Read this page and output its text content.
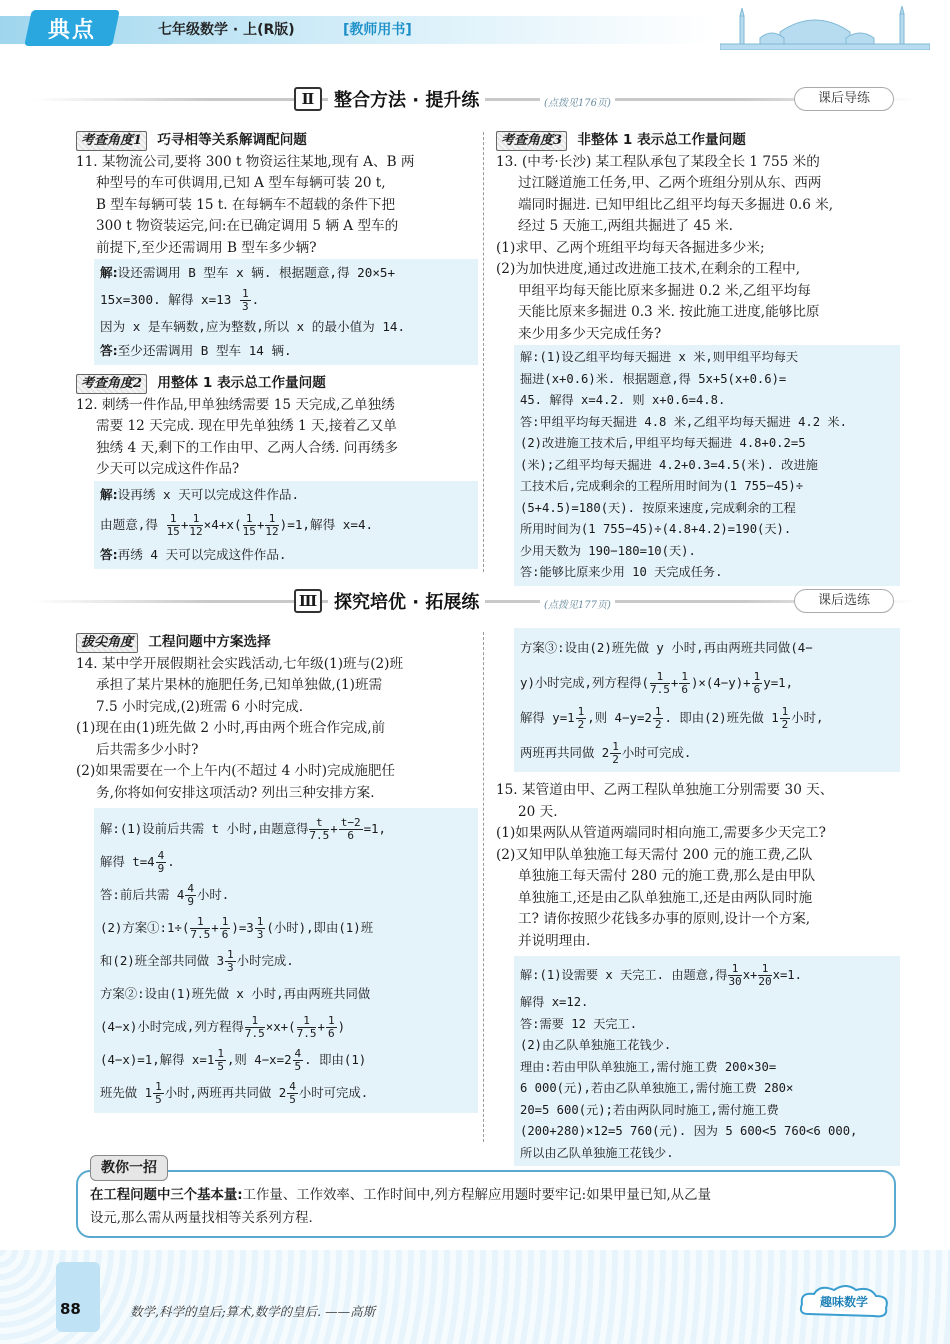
典点	七年级数学 · 上(R版)	[教师用书]
Ⅱ	整合方法 · 提升练	(点拨见176页)	课后导练
考查角度1 巧寻相等关系解调配问题
11. 某物流公司,要将 300 t 物资运往某地,现有 A、B 两
种型号的车可供调用,已知 A 型车每辆可装 20 t,
B 型车每辆可装 15 t. 在每辆车不超载的条件下把
300 t 物资装运完,问:在已确定调用 5 辆 A 型车的
前提下,至少还需调用 B 型车多少辆?
解:设还需调用 B 型车 x 辆. 根据题意,得 20×5+
15x=300. 解得 $x=13 \frac{1}{3}$ .
因为 x 是车辆数,应为整数,所以 x 的最小值为 14.
答:至少还需调用 B 型车 14 辆.
考查角度2 用整体 1 表示总工作量问题
12. 刺绣一件作品,甲单独绣需要 15 天完成,乙单独绣
需要 12 天完成. 现在甲先单独绣 1 天,接着乙又单
独绣 4 天,剩下的工作由甲、乙两人合绣. 问再绣多
少天可以完成这件作品?
解:设再绣 x 天可以完成这件作品.
由题意,得 $\frac{1}{15} + \frac{1}{12} \times 4+x( \frac{1}{15} + \frac{1}{12} )=1$,解得 x=4.
答:再绣 4 天可以完成这件作品.
考查角度3 非整体 1 表示总工作量问题
13. (中考·长沙) 某工程队承包了某段全长 1 755 米的
过江隧道施工任务,甲、乙两个班组分别从东、西两
端同时掘进. 已知甲组比乙组平均每天多掘进 0.6 米,
经过 5 天施工,两组共掘进了 45 米.
(1)求甲、乙两个班组平均每天各掘进多少米;
(2)为加快进度,通过改进施工技术,在剩余的工程中,
甲组平均每天能比原来多掘进 0.2 米,乙组平均每
天能比原来多掘进 0.3 米. 按此施工进度,能够比原
来少用多少天完成任务?
解:(1)设乙组平均每天掘进 x 米,则甲组平均每天
掘进(x+0.6)米. 根据题意,得 5x+5(x+0.6)=
45. 解得 x=4.2. 则 x+0.6=4.8.
答:甲组平均每天掘进 4.8 米,乙组平均每天掘进 4.2 米.
(2)改进施工技术后,甲组平均每天掘进 4.8+0.2=5
(米);乙组平均每天掘进 4.2+0.3=4.5(米). 改进施
工技术后,完成剩余的工程所用时间为(1 755−45)÷
(5+4.5)=180(天). 按原来速度,完成剩余的工程
所用时间为(1 755−45)÷(4.8+4.2)=190(天).
少用天数为 190−180=10(天).
答:能够比原来少用 10 天完成任务.
Ⅲ 探究培优 · 拓展练	(点拨见177页)	课后选练
拔尖角度 工程问题中方案选择
14. 某中学开展假期社会实践活动,七年级(1)班与(2)班
承担了某片果林的施肥任务,已知单独做,(1)班需
7.5 小时完成,(2)班需 6 小时完成.
(1)现在由(1)班先做 2 小时,再由两个班合作完成,前
后共需多少小时?
(2)如果需要在一个上午内(不超过 4 小时)完成施肥任
务,你将如何安排这项活动? 列出三种安排方案.
解:(1)设前后共需 t 小时,由题意得 $\frac{t}{7.5} + \frac{t-2}{6} =1$,
解得 $t=4 \frac{4}{9}$ .
答:前后共需 $4 \frac{4}{9}$ 小时.
(2)方案①:1÷( $\frac{1}{7.5} + \frac{1}{6} )=3 \frac{1}{3}$ (小时),即由(1)班
和(2)班全部共同做 $3 \frac{1}{3}$ 小时完成.
方案②:设由(1)班先做 x 小时,再由两班共同做
(4−x)小时完成,列方程得 $\frac{1}{7.5} \times x+( \frac{1}{7.5} + \frac{1}{6}$ )
(4−x)=1,解得 $x=1 \frac{1}{5}$ ,则 $4-x=2 \frac{4}{5}$ . 即由(1)
班先做 $1 \frac{1}{5}$ 小时,两班再共同做 $2 \frac{4}{5}$ 小时可完成.
方案③:设由(2)班先做 y 小时,再由两班共同做(4−
y)小时完成,列方程得( $\frac{1}{7.5} + \frac{1}{6} )\times(4-y)+ \frac{1}{6} y=1$,
解得 $y=1 \frac{1}{2}$ ,则 $4-y=2 \frac{1}{2}$ . 即由(2)班先做 $1 \frac{1}{2}$ 小时,
两班再共同做 $2 \frac{1}{2}$ 小时可完成.
15. 某管道由甲、乙两工程队单独施工分别需要 30 天、
20 天.
(1)如果两队从管道两端同时相向施工,需要多少天完工?
(2)又知甲队单独施工每天需付 200 元的施工费,乙队
单独施工每天需付 280 元的施工费,那么是由甲队
单独施工,还是由乙队单独施工,还是由两队同时施
工? 请你按照少花钱多办事的原则,设计一个方案,
并说明理由.
解:(1)设需要 x 天完工. 由题意,得 $\frac{1}{30} x+ \frac{1}{20} x=1$.
解得 x=12.
答:需要 12 天完工.
(2)由乙队单独施工花钱少.
理由:若由甲队单独施工,需付施工费 200×30=
6 000(元),若由乙队单独施工,需付施工费 280×
20=5 600(元);若由两队同时施工,需付施工费
(200+280)×12=5 760(元). 因为 5 600<5 760<6 000,
所以由乙队单独施工花钱少.
在工程问题中三个基本量:工作量、工作效率、工作时间中,列方程解应用题时要牢记:如果甲量已知,从乙量
设元,那么需从两量找相等关系列方程.
教你一招
88	数学,科学的皇后;算术,数学的皇后. ——高斯
趣味数学
